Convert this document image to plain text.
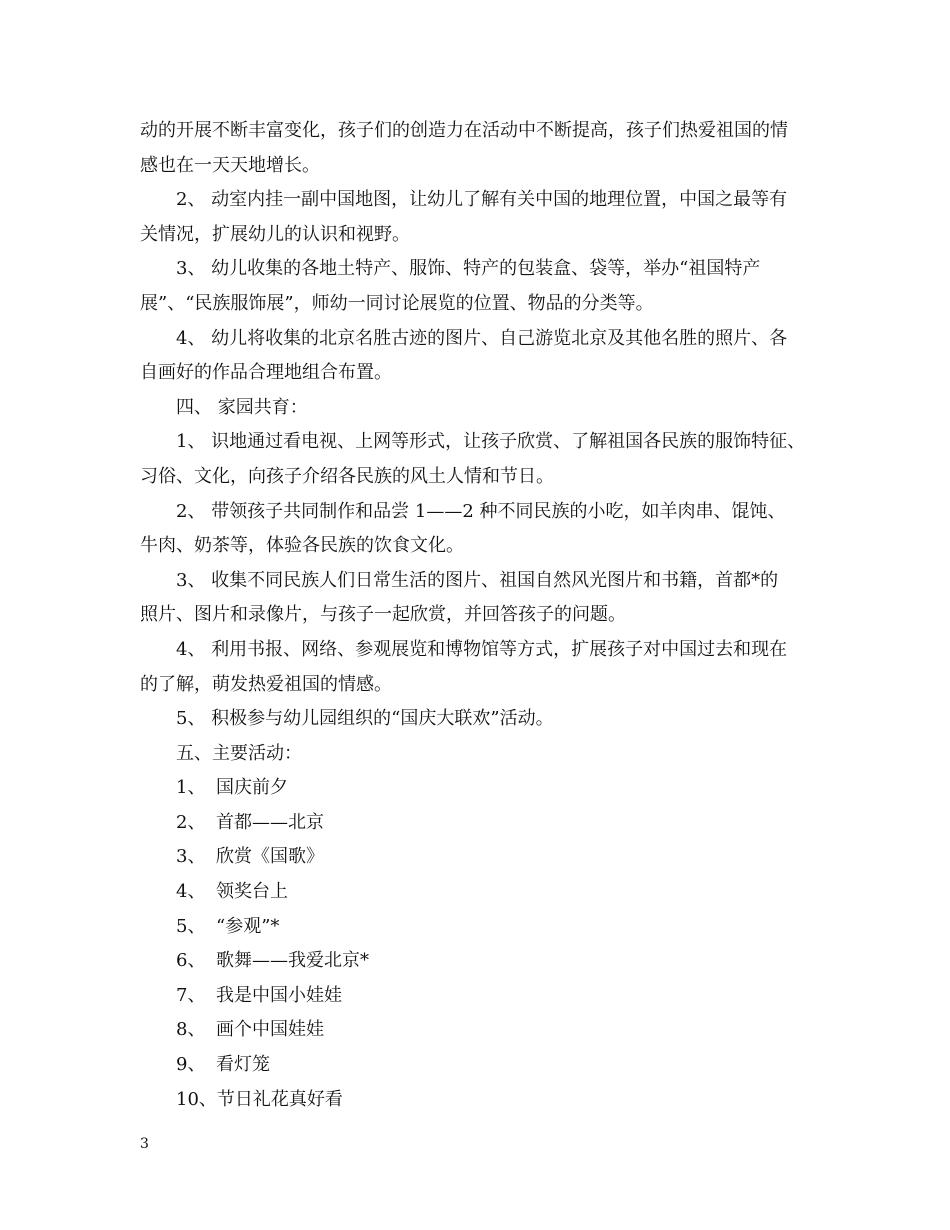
动的开展不断丰富变化，孩子们的创造力在活动中不断提高，孩子们热爱祖国的情
感也在一天天地增长。
2、 动室内挂一副中国地图，让幼儿了解有关中国的地理位置，中国之最等有
关情况，扩展幼儿的认识和视野。
3、 幼儿收集的各地土特产、服饰、特产的包装盒、袋等，举办“祖国特产
展”、“民族服饰展”，师幼一同讨论展览的位置、物品的分类等。
4、 幼儿将收集的北京名胜古迹的图片、自己游览北京及其他名胜的照片、各
自画好的作品合理地组合布置。
四、 家园共育：
1、 识地通过看电视、上网等形式，让孩子欣赏、了解祖国各民族的服饰特征、
习俗、文化，向孩子介绍各民族的风土人情和节日。
2、 带领孩子共同制作和品尝 1——2 种不同民族的小吃，如羊肉串、馄饨、
牛肉、奶茶等，体验各民族的饮食文化。
3、 收集不同民族人们日常生活的图片、祖国自然风光图片和书籍，首都*的
照片、图片和录像片，与孩子一起欣赏，并回答孩子的问题。
4、 利用书报、网络、参观展览和博物馆等方式，扩展孩子对中国过去和现在
的了解，萌发热爱祖国的情感。
5、 积极参与幼儿园组织的“国庆大联欢”活动。
五、主要活动：
1、 国庆前夕
2、 首都——北京
3、 欣赏《国歌》
4、 领奖台上
5、 “参观”*
6、 歌舞——我爱北京*
7、 我是中国小娃娃
8、 画个中国娃娃
9、 看灯笼
10、节日礼花真好看
3
